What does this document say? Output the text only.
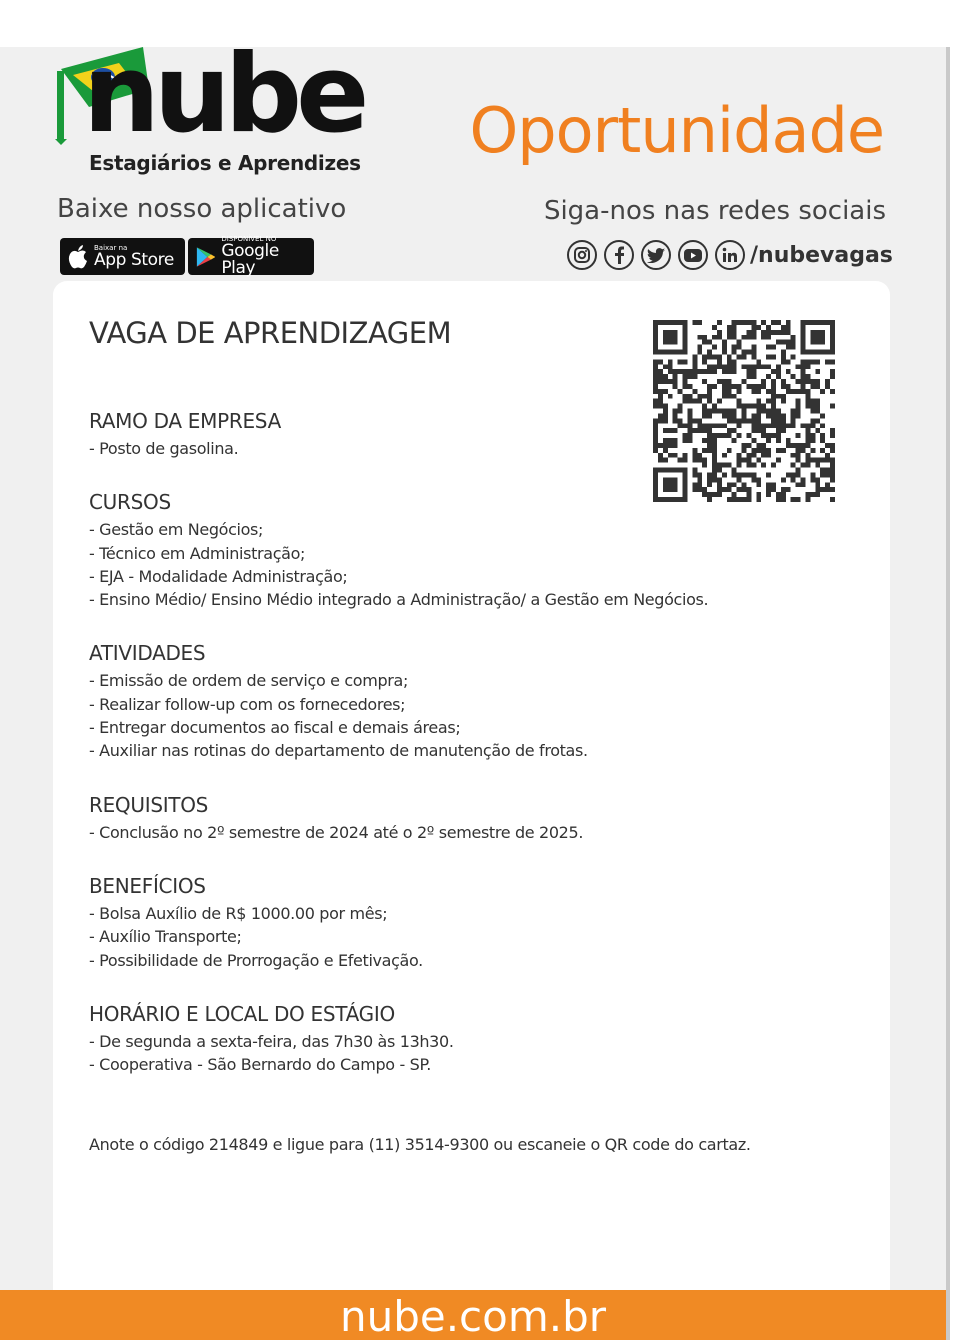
nube
Estagiários e Aprendizes Oportunidade
Baixe nosso aplicativo	Siga-nos nas redes sociais
Baixar na
App Store
DISPONÍVEL NO
Google Play
/nubevagas
VAGA DE APRENDIZAGEM
RAMO DA EMPRESA
- Posto de gasolina.
CURSOS
- Gestão em Negócios;
- Técnico em Administração;
- EJA - Modalidade Administração;
- Ensino Médio/ Ensino Médio integrado a Administração/ a Gestão em Negócios.
ATIVIDADES
- Emissão de ordem de serviço e compra;
- Realizar follow-up com os fornecedores;
- Entregar documentos ao fiscal e demais áreas;
- Auxiliar nas rotinas do departamento de manutenção de frotas.
REQUISITOS
- Conclusão no 2º semestre de 2024 até o 2º semestre de 2025.
BENEFÍCIOS
- Bolsa Auxílio de R$ 1000.00 por mês;
- Auxílio Transporte;
- Possibilidade de Prorrogação e Efetivação.
HORÁRIO E LOCAL DO ESTÁGIO
- De segunda a sexta-feira, das 7h30 às 13h30.
- Cooperativa - São Bernardo do Campo - SP.
Anote o código 214849 e ligue para (11) 3514-9300 ou escaneie o QR code do cartaz.
nube.com.br
